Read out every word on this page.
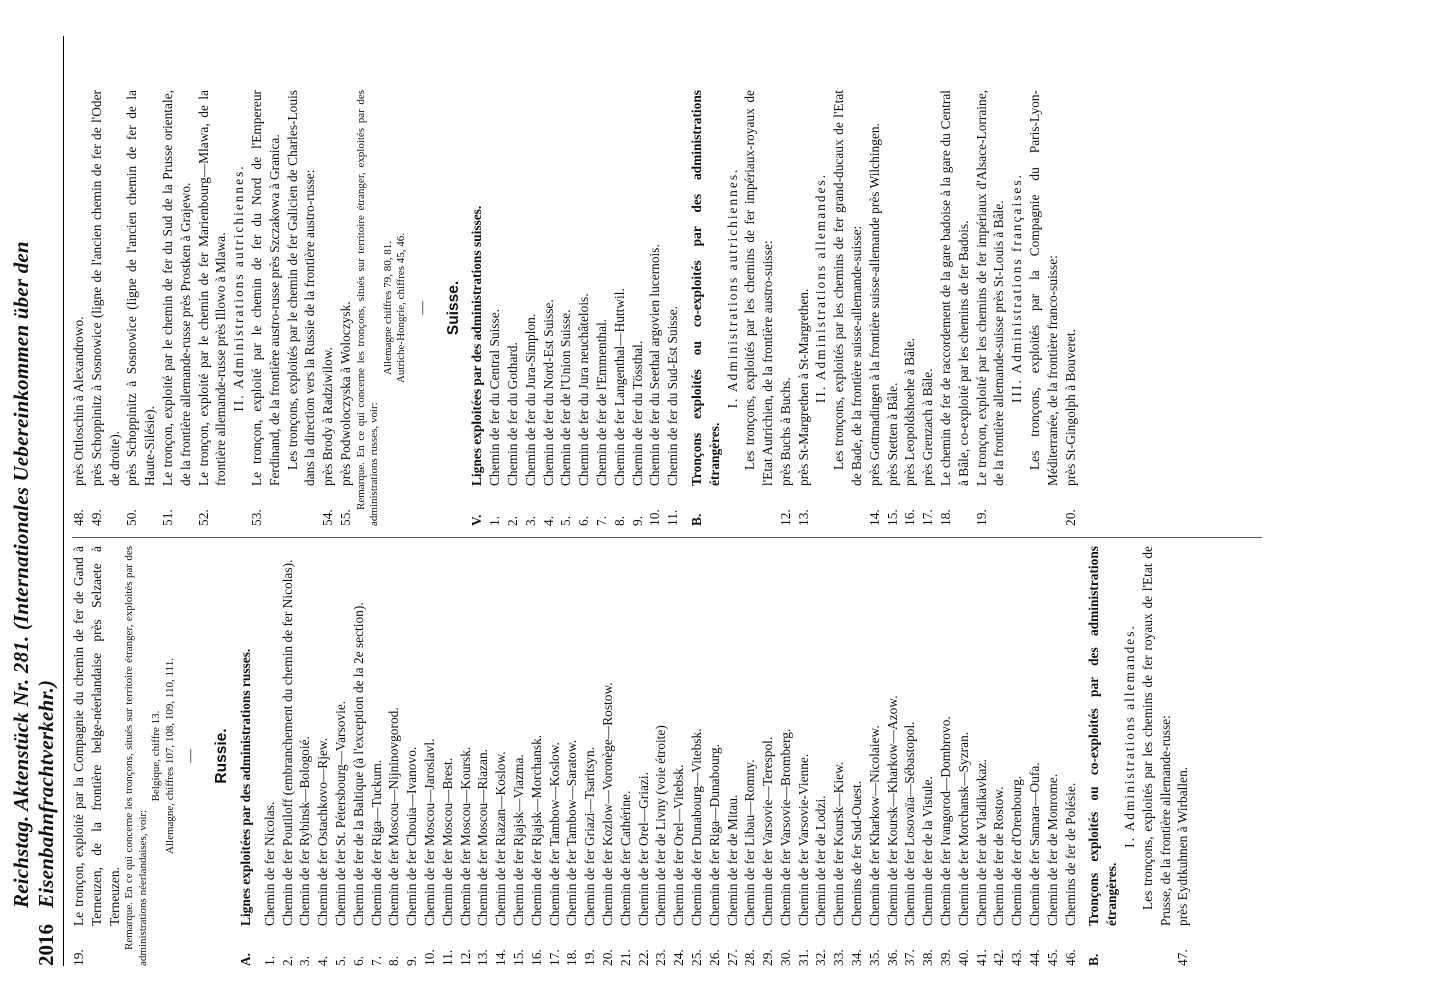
2016
Reichstag. Aktenstück Nr. 281. (Internationales Uebereinkommen über den Eisenbahnfrachtverkehr.)
19.
Le tronçon, exploité par la Compagnie du chemin de fer de Gand à Terneuzen, de la frontière belge-néerlandaise près Selzaete à Terneuzen. Remarque. En ce qui concerne les tronçons, situés sur territoire étranger, exploités par des administrations néerlandaises, voir:
Belgique, chiffre 13. Allemagne, chiffres 107, 108, 109, 110, 111. — Russie.
A.
Lignes exploitées par des administrations russes.
1.
Chemin de fer Nicolas.
2.
Chemin de fer Poutiloff (embranchement du chemin de fer Nicolas).
3.
Chemin de fer Rybinsk—Bologoié.
4.
Chemin de fer Ostachkovo—Rjew.
5.
Chemin de fer St. Pétersbourg—Varsovie.
6.
Chemin de fer de la Baltique (à l'exception de la 2e section).
7.
Chemin de fer Riga—Tuckum.
8.
Chemin de fer Moscou—Nijninovgorod.
9.
Chemin de fer Chouia—Ivanovo.
10.
Chemin de fer Moscou—Jaroslavl.
11.
Chemin de fer Moscou—Brest.
12.
Chemin de fer Moscou—Koursk.
13.
Chemin de fer Moscou—Riazan.
14.
Chemin de fer Riazan—Koslow.
15.
Chemin de fer Rjajsk—Viazma.
16.
Chemin de fer Rjajsk—Morchansk.
17.
Chemin de fer Tambow—Koslow.
18.
Chemin de fer Tambow—Saratow.
19.
Chemin de fer Griazi—Tsaritsyn.
20.
Chemin de fer Kozlow—Voronège—Rostow.
21.
Chemin de fer Cathérine.
22.
Chemin de fer Orel—Griazi.
23.
Chemin de fer de Livny (voie étroite)
24.
Chemin de fer Orel—Vitebsk.
25.
Chemin de fer Dunabourg—Vitebsk.
26.
Chemin de fer Riga—Dunabourg.
27.
Chemin de fer de Mitau.
28.
Chemin de fer Libau—Romny.
29.
Chemin de fer Varsovie—Terespol.
30.
Chemin de fer Varsovie—Bromberg.
31.
Chemin de fer Varsovie-Vienne.
32.
Chemin de fer de Lodzi.
33.
Chemin de fer Koursk—Kiew.
34.
Chemins de fer Sud-Ouest.
35.
Chemin de fer Kharkow—Nicolaiew.
36.
Chemin de fer Koursk—Kharkow—Azow.
37.
Chemin de fer Losovaïa—Sébastopol.
38.
Chemin de fer de la Vistule.
39.
Chemin de fer Ivangorod—Dombrovo.
40.
Chemin de fer Morchansk—Syzran.
41.
Chemin de fer de Vladikavkaz.
42.
Chemin de fer de Rostow.
43.
Chemin de fer d'Orenbourg.
44.
Chemin de fer Samara—Oufa.
45.
Chemin de fer de Monrome.
46.
Chemins de fer de Polésie.
B.
Tronçons exploités ou co-exploités par des administrations étrangères.
I. Administrations allemandes. Les tronçons, exploités par les chemins de fer royaux de l'Etat de Prusse, de la frontière allemande-russe:
47.
près Eydtkuhnen à Wirballen.
48.
près Ottloschin à Alexandrowo.
49.
près Schoppinitz à Sosnowice (ligne de l'ancien chemin de fer de l'Oder de droite).
50.
près Schoppinitz à Sosnowice (ligne de l'ancien chemin de fer de la Haute-Silésie).
51.
Le tronçon, exploité par le chemin de fer du Sud de la Prusse orientale, de la frontière allemande-russe près Prostken à Grajewo.
52.
Le tronçon, exploité par le chemin de fer Marienbourg—Mlawa, de la frontière allemande-russe près Illowo à Mlawa. II. Administrations autrichiennes.
53.
Le tronçon, exploité par le chemin de fer du Nord de l'Empereur Ferdinand, de la frontière austro-russe près Szczakowa à Granica. Les tronçons, exploités par le chemin de fer Galicien de Charles-Louis dans la direction vers la Russie de la frontière austro-russe:
54.
près Brody à Radziwilow.
55.
près Podwoloczyska à Woloczysk. Remarque. En ce qui concerne les tronçons, situés sur territoire étranger, exploités par des administrations russes, voir:
Allemagne chiffres 79, 80, 81. Autriche-Hongrie, chiffres 45, 46. — Suisse.
V.
Lignes exploitées par des administrations suisses.
1.
Chemin de fer du Central Suisse.
2.
Chemin de fer du Gothard.
3.
Chemin de fer du Jura-Simplon.
4.
Chemin de fer du Nord-Est Suisse.
5.
Chemin de fer de l'Union Suisse.
6.
Chemin de fer du Jura neuchâtelois.
7.
Chemin de fer de l'Emmenthal.
8.
Chemin de fer Langenthal—Huttwil.
9.
Chemin de fer du Tössthal.
10.
Chemin de fer du Seethal argovien lucernois.
11.
Chemin de fer du Sud-Est Suisse.
B.
Tronçons exploités ou co-exploités par des administrations étrangères.
I. Administrations autrichiennes. Les tronçons, exploités par les chemins de fer impériaux-royaux de l'Etat Autrichien, de la frontière austro-suisse:
12.
près Buchs à Buchs.
13.
près St-Margrethen à St-Margrethen. II. Administrations allemandes. Les tronçons, exploités par les chemins de fer grand-ducaux de l'Etat de Bade, de la frontière suisse-allemande-suisse:
14.
près Gottmadingen à la frontière suisse-allemande près Wilchingen.
15.
près Stetten à Bâle.
16.
près Leopoldshoehe à Bâle.
17.
près Grenzach à Bâle.
18.
Le chemin de fer de raccordement de la gare badoise à la gare du Central à Bâle, co-exploité par les chemins de fer Badois.
19.
Le tronçon, exploité par les chemins de fer impériaux d'Alsace-Lorraine, de la frontière allemande-suisse près St-Louis à Bâle. III. Administrations françaises. Les tronçons, exploités par la Compagnie du Paris-Lyon-Méditerranée, de la frontière franco-suisse:
20.
près St-Gingolph à Bouveret.
